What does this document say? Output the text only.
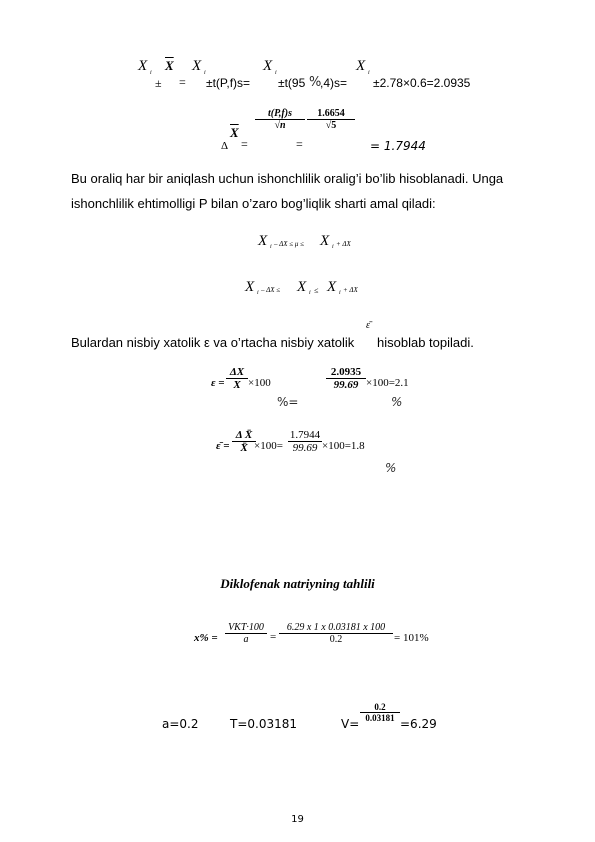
X i
±
$\overline{X}$
=
X i
±t(P,f)s=
X i
±t(95 %
,4)s=
X i
±2.78×0.6=2.0935
Δ
$\overline{X}$
=
$\frac{t(P,f)s}{√n}$
=
$\frac{1.6654}{√5}$
= 1.7944
Bu oraliq har bir aniqlash uchun ishonchlilik oralig’i bo’lib hisoblanadi. Unga
ishonchlilik ehtimolligi P bilan o’zaro bog’liqlik sharti amal qiladi:
X i – ΔX ≤ μ ≤ X i + ΔX
X i – ΔX ≤ X i ≤ X i + ΔX
Bulardan nisbiy xatolik ε va o’rtacha nisbiy xatolik
ε̄
hisoblab topiladi.
$\varepsilon = \frac{\Delta X}{X} \times 100$
%=
$\frac{2.0935}{99.69} \times 100=2.1$
%
ε̄ = $\frac{\text{Δ X̄}}{X̄}$
$\times 100= \frac{1.7944}{99.69} \times 100=1.8$
%
Diklofenak natriyning tahlili
x% =
VKT·100
a	= $\frac{6.29 x 1 x 0.03181 x 100}{0.2} = 101\%$
a=0.2	T=0.03181	V=
$\frac{0.2}{0.03181}$
=6.29
19
